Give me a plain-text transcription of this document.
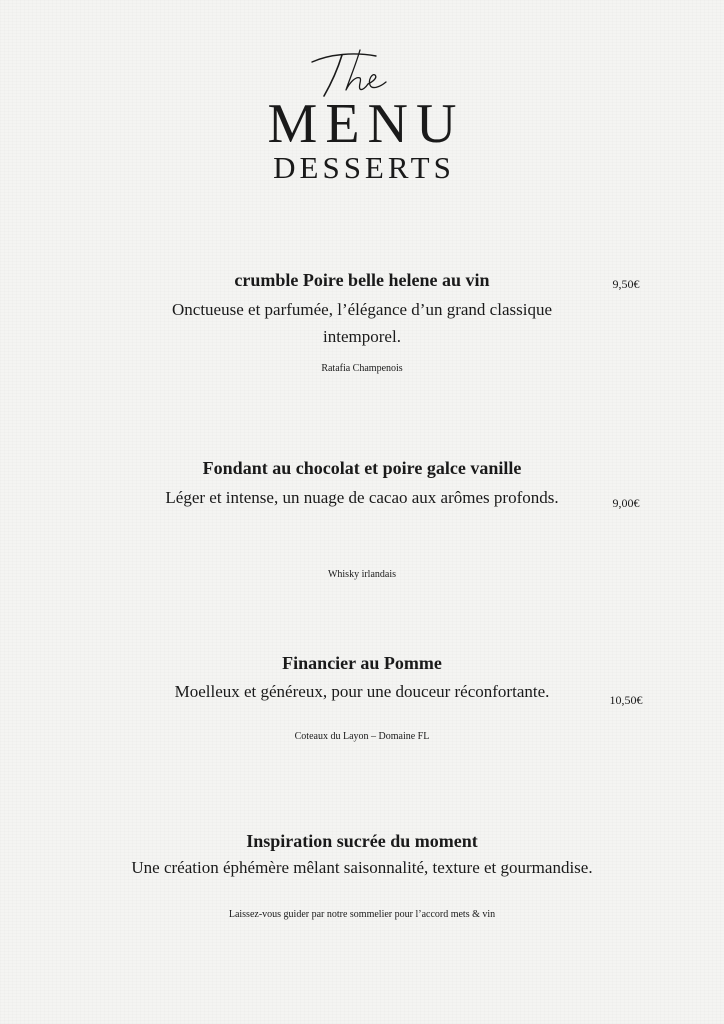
MENU
DESSERTS

crumble Poire belle helene au vin

Onctueuse et parfumée, l’élégance d’un grand classique intemporel.

Ratafia Champenois

9,50€

Fondant au chocolat et poire galce vanille

Léger et intense, un nuage de cacao aux arômes profonds.

Whisky irlandais

9,00€

Financier au Pomme

Moelleux et généreux, pour une douceur réconfortante.

Coteaux du Layon – Domaine FL

10,50€

Inspiration sucrée du moment

Une création éphémère mêlant saisonnalité, texture et gourmandise.

Laissez-vous guider par notre sommelier pour l’accord mets & vin
